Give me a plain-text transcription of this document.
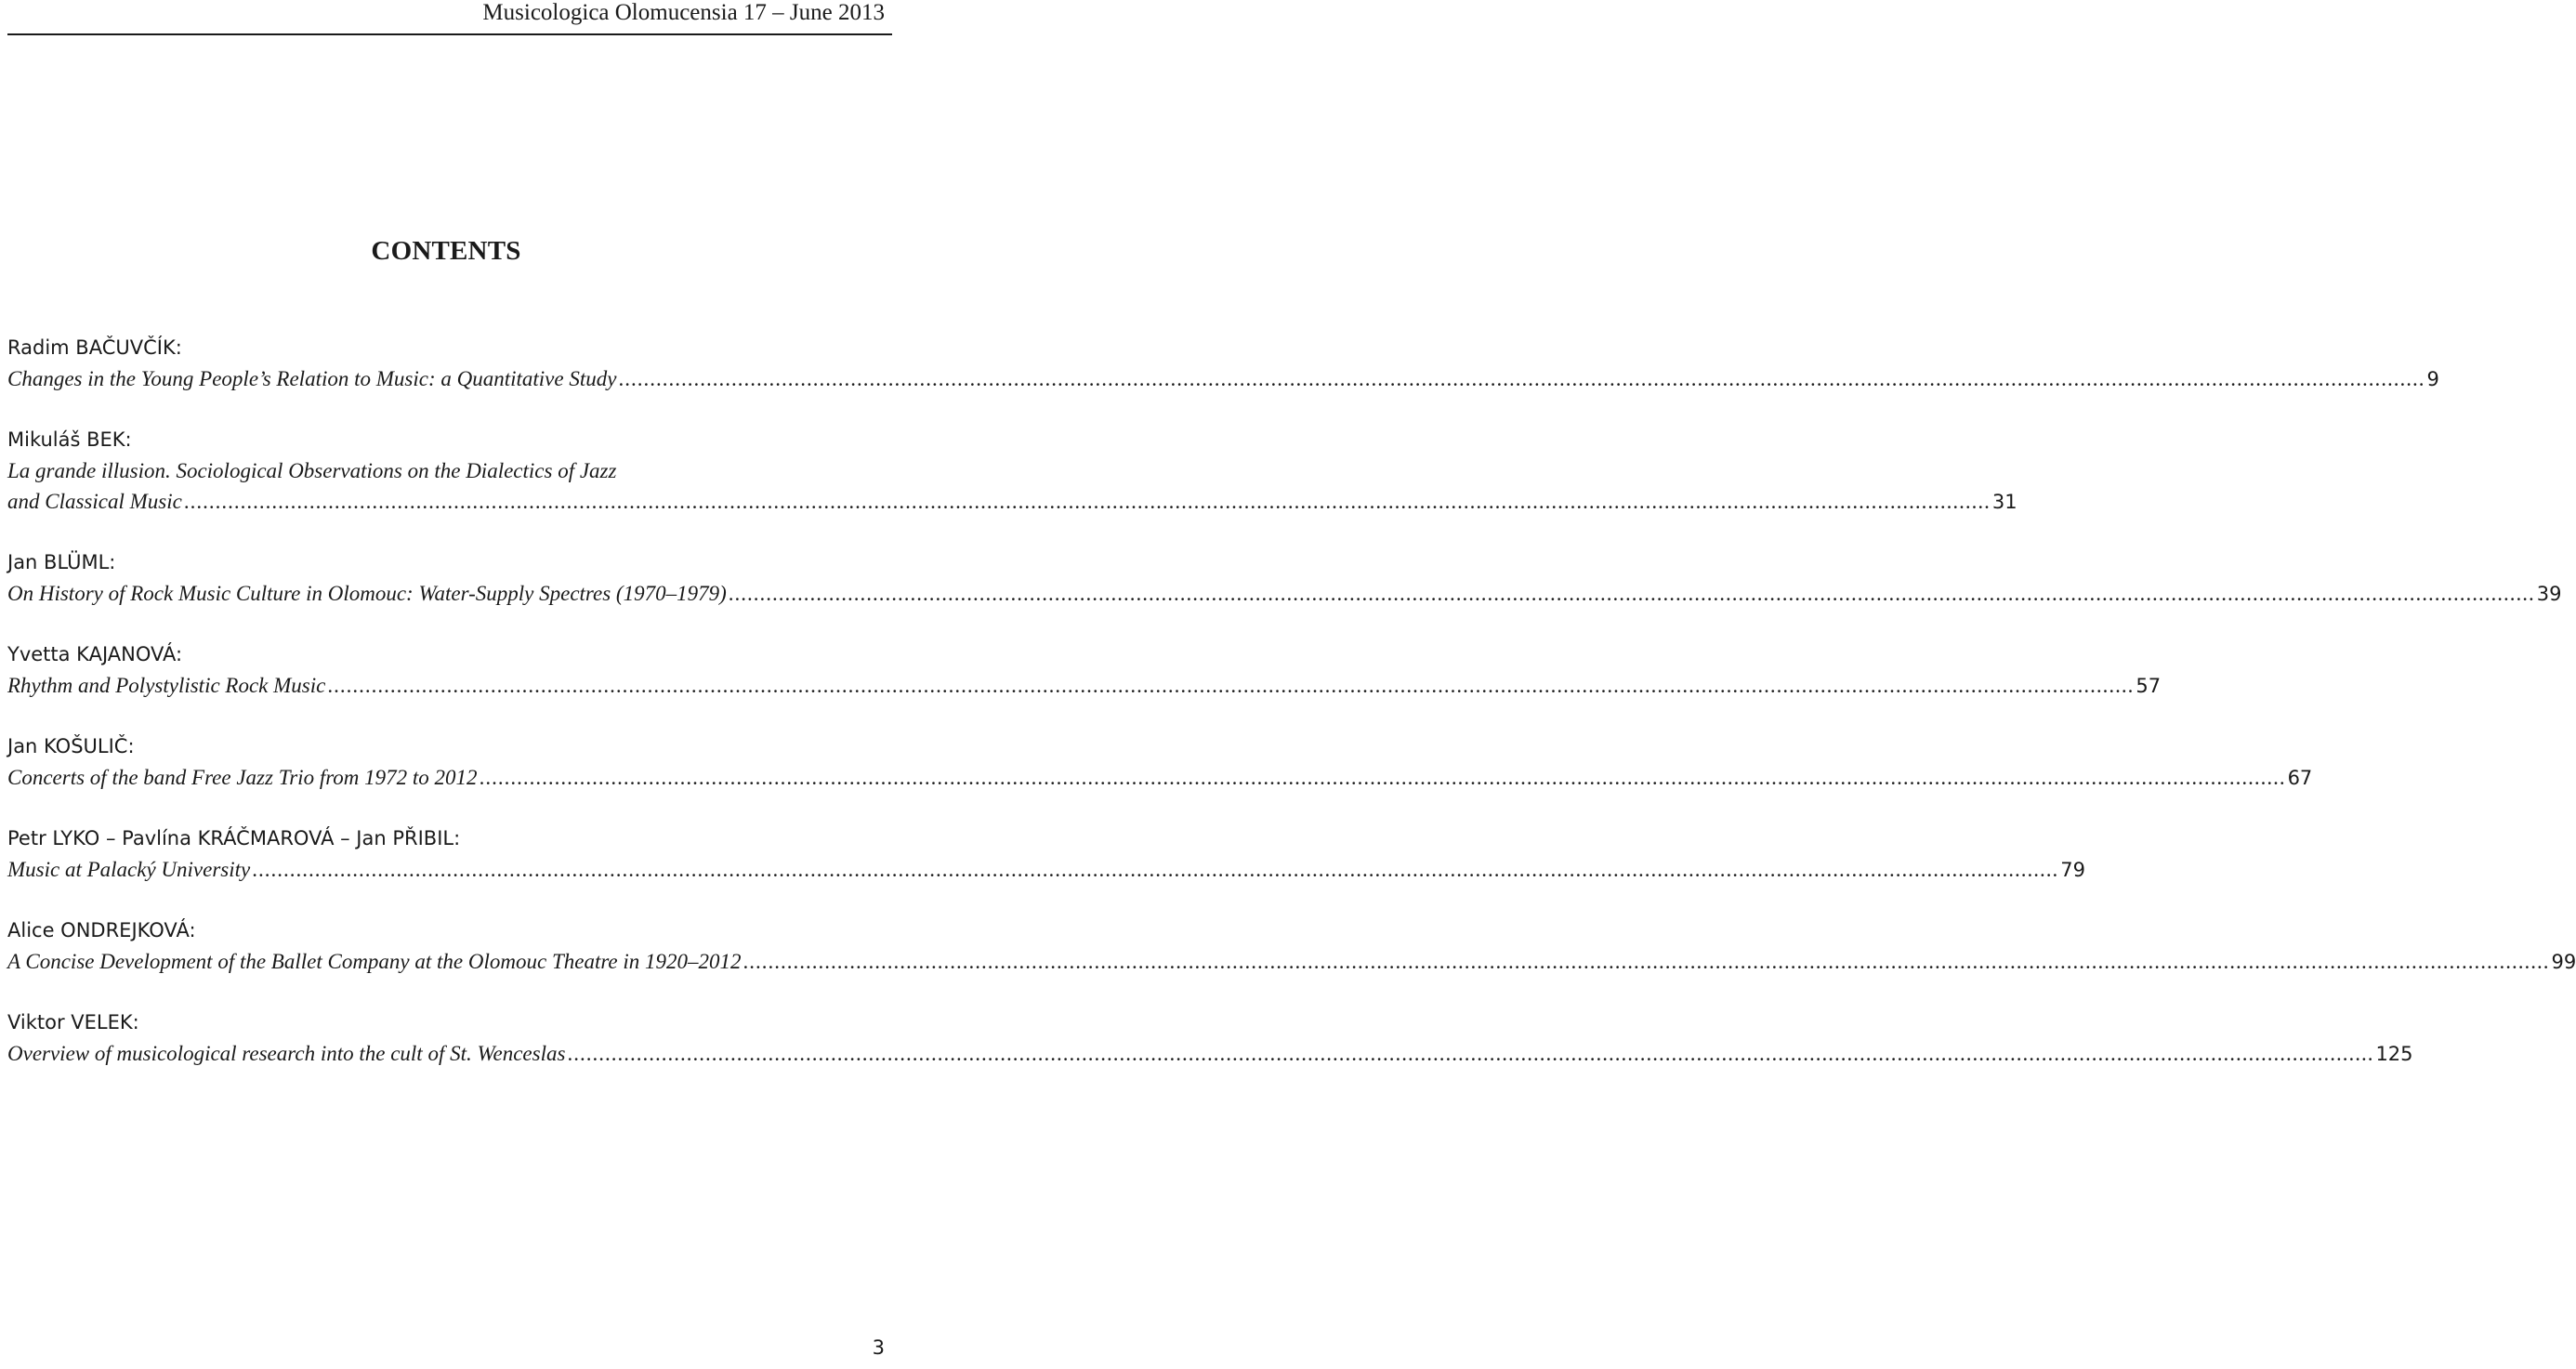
Musicologica Olomucensia 17 – June 2013
CONTENTS
Radim BAČUVČÍK:
Changes in the Young People’s Relation to Music: a Quantitative Study .....	9
Mikuláš BEK:
La grande illusion. Sociological Observations on the Dialectics of Jazz
and Classical Music .....	31
Jan BLÜML:
On History of Rock Music Culture in Olomouc: Water-Supply Spectres (1970–1979) .....	39
Yvetta KAJANOVÁ:
Rhythm and Polystylistic Rock Music .....	57
Jan KOŠULIČ:
Concerts of the band Free Jazz Trio from 1972 to 2012 .....	67
Petr LYKO – Pavlína KRÁČMAROVÁ – Jan PŘIBIL:
Music at Palacký University .....	79
Alice ONDREJKOVÁ:
A Concise Development of the Ballet Company at the Olomouc Theatre in 1920–2012 .....	99
Viktor VELEK:
Overview of musicological research into the cult of St. Wenceslas .....	125
3
